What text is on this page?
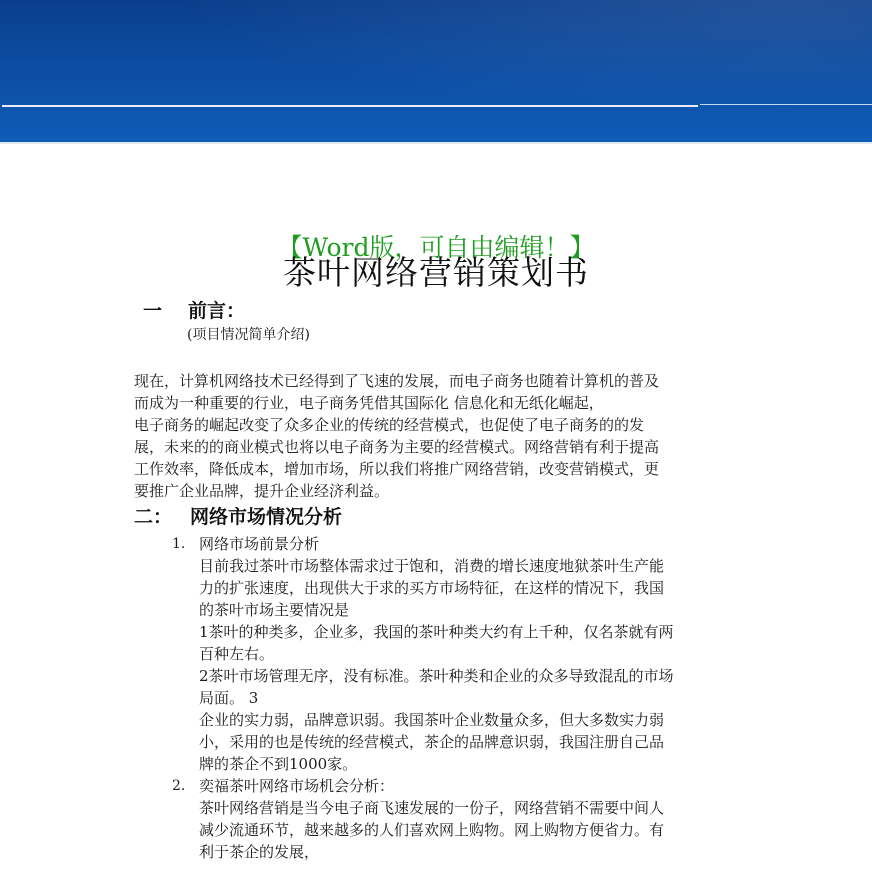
【Word版，可自由编辑！】
茶叶网络营销策划书
一 前言：
(项目情况简单介绍)
现在，计算机网络技术已经得到了飞速的发展，而电子商务也随着计算机的普及
而成为一种重要的行业，电子商务凭借其国际化 信息化和无纸化崛起，
电子商务的崛起改变了众多企业的传统的经营模式，也促使了电子商务的的发
展，未来的的商业模式也将以电子商务为主要的经营模式。网络营销有利于提高
工作效率，降低成本，增加市场，所以我们将推广网络营销，改变营销模式，更
要推广企业品牌，提升企业经济利益。
二： 网络市场情况分析
1. 网络市场前景分析
目前我过茶叶市场整体需求过于饱和，消费的增长速度地狱茶叶生产能
力的扩张速度，出现供大于求的买方市场特征，在这样的情况下，我国
的茶叶市场主要情况是
1茶叶的种类多，企业多，我国的茶叶种类大约有上千种，仅名茶就有两
百种左右。
2茶叶市场管理无序，没有标准。茶叶种类和企业的众多导致混乱的市场
局面。 3
企业的实力弱，品牌意识弱。我国茶叶企业数量众多，但大多数实力弱
小，采用的也是传统的经营模式，茶企的品牌意识弱，我国注册自己品
牌的茶企不到1000家。
2. 奕福茶叶网络市场机会分析：
茶叶网络营销是当今电子商飞速发展的一份子，网络营销不需要中间人
减少流通环节，越来越多的人们喜欢网上购物。网上购物方便省力。有
利于茶企的发展，
